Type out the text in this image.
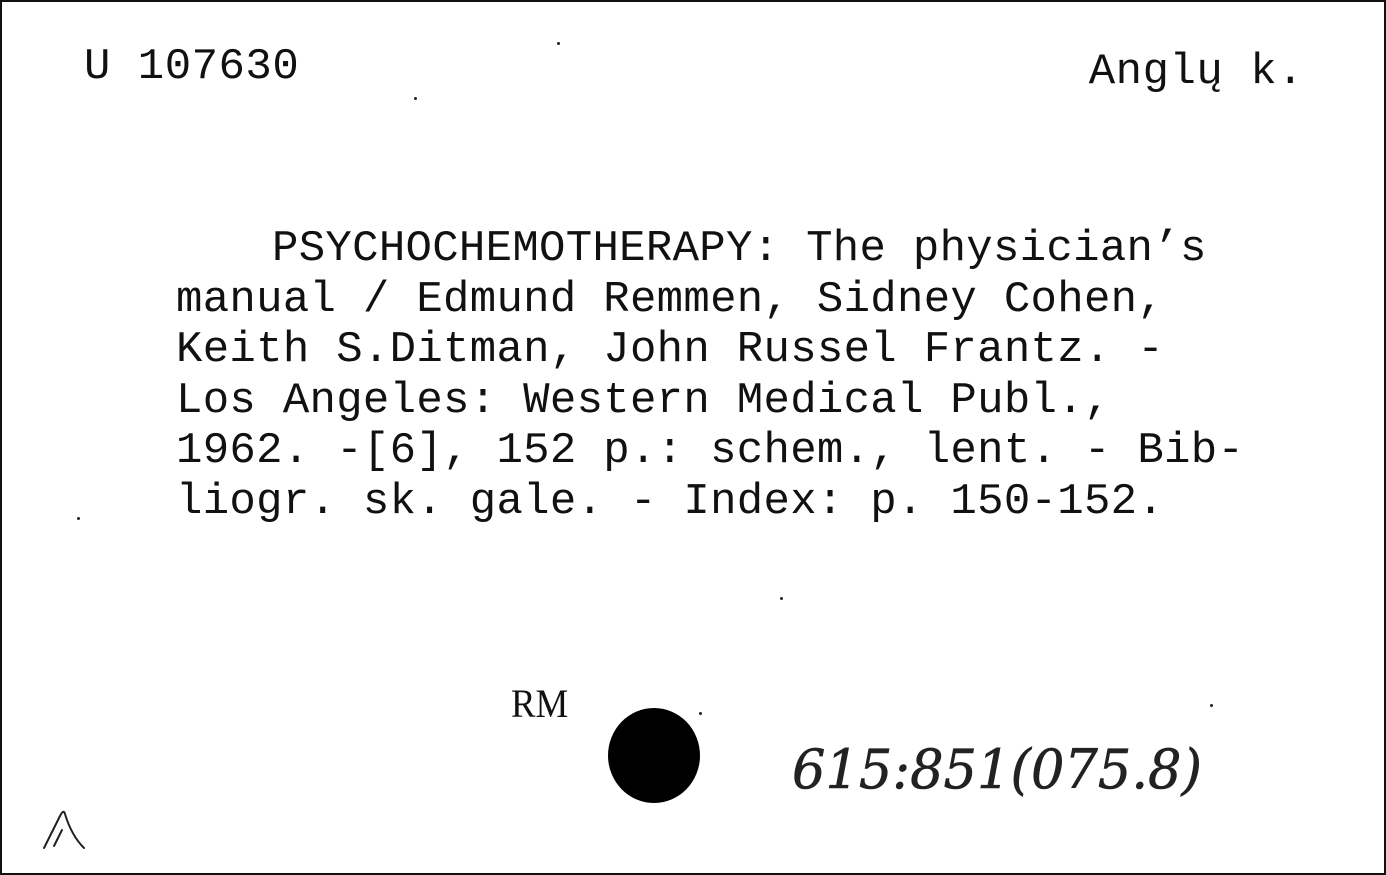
U 107630	Anglų k.
PSYCHOCHEMOTHERAPY: The physician’s
manual / Edmund Remmen, Sidney Cohen,
Keith S.Ditman, John Russel Frantz. -
Los Angeles: Western Medical Publ.,
1962. -[6], 152 p.: schem., lent. - Bib-
liogr. sk. gale. - Index: p. 150-152.
RM
615:851(075.8)
